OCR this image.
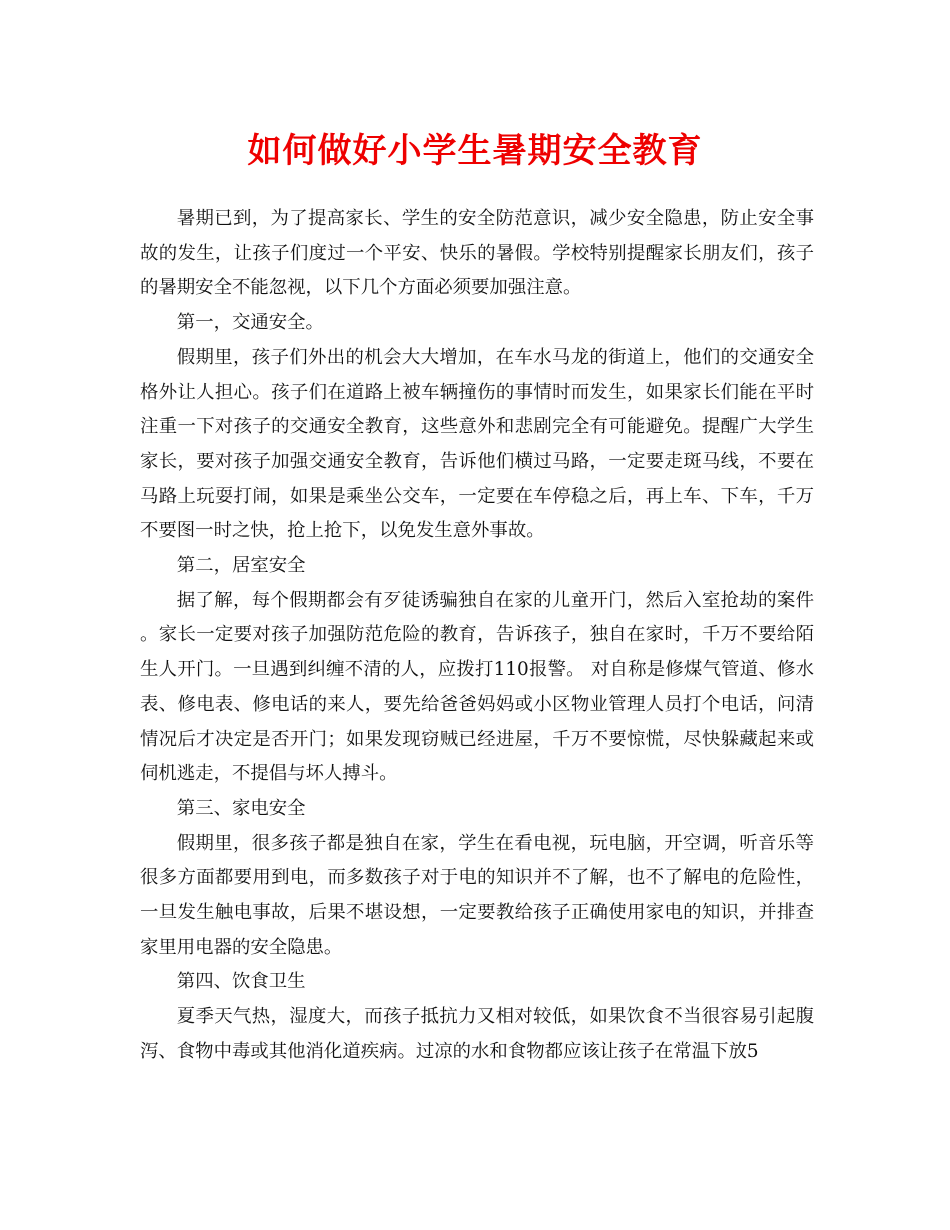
如何做好小学生暑期安全教育

暑期已到，为了提高家长、学生的安全防范意识，减少安全隐患，防止安全事故的发生，让孩子们度过一个平安、快乐的暑假。学校特别提醒家长朋友们，孩子的暑期安全不能忽视，以下几个方面必须要加强注意。

第一，交通安全。

假期里，孩子们外出的机会大大增加，在车水马龙的街道上，他们的交通安全格外让人担心。孩子们在道路上被车辆撞伤的事情时而发生，如果家长们能在平时注重一下对孩子的交通安全教育，这些意外和悲剧完全有可能避免。提醒广大学生家长，要对孩子加强交通安全教育，告诉他们横过马路，一定要走斑马线，不要在马路上玩耍打闹，如果是乘坐公交车，一定要在车停稳之后，再上车、下车，千万不要图一时之快，抢上抢下，以免发生意外事故。

第二，居室安全

据了解，每个假期都会有歹徒诱骗独自在家的儿童开门，然后入室抢劫的案件。家长一定要对孩子加强防范危险的教育，告诉孩子，独自在家时，千万不要给陌生人开门。一旦遇到纠缠不清的人，应拨打110报警。 对自称是修煤气管道、修水表、修电表、修电话的来人，要先给爸爸妈妈或小区物业管理人员打个电话，问清情况后才决定是否开门；如果发现窃贼已经进屋，千万不要惊慌，尽快躲藏起来或伺机逃走，不提倡与坏人搏斗。

第三、家电安全

假期里，很多孩子都是独自在家，学生在看电视，玩电脑，开空调，听音乐等很多方面都要用到电，而多数孩子对于电的知识并不了解，也不了解电的危险性，一旦发生触电事故，后果不堪设想，一定要教给孩子正确使用家电的知识，并排查家里用电器的安全隐患。

第四、饮食卫生

夏季天气热，湿度大，而孩子抵抗力又相对较低，如果饮食不当很容易引起腹泻、食物中毒或其他消化道疾病。过凉的水和食物都应该让孩子在常温下放5
